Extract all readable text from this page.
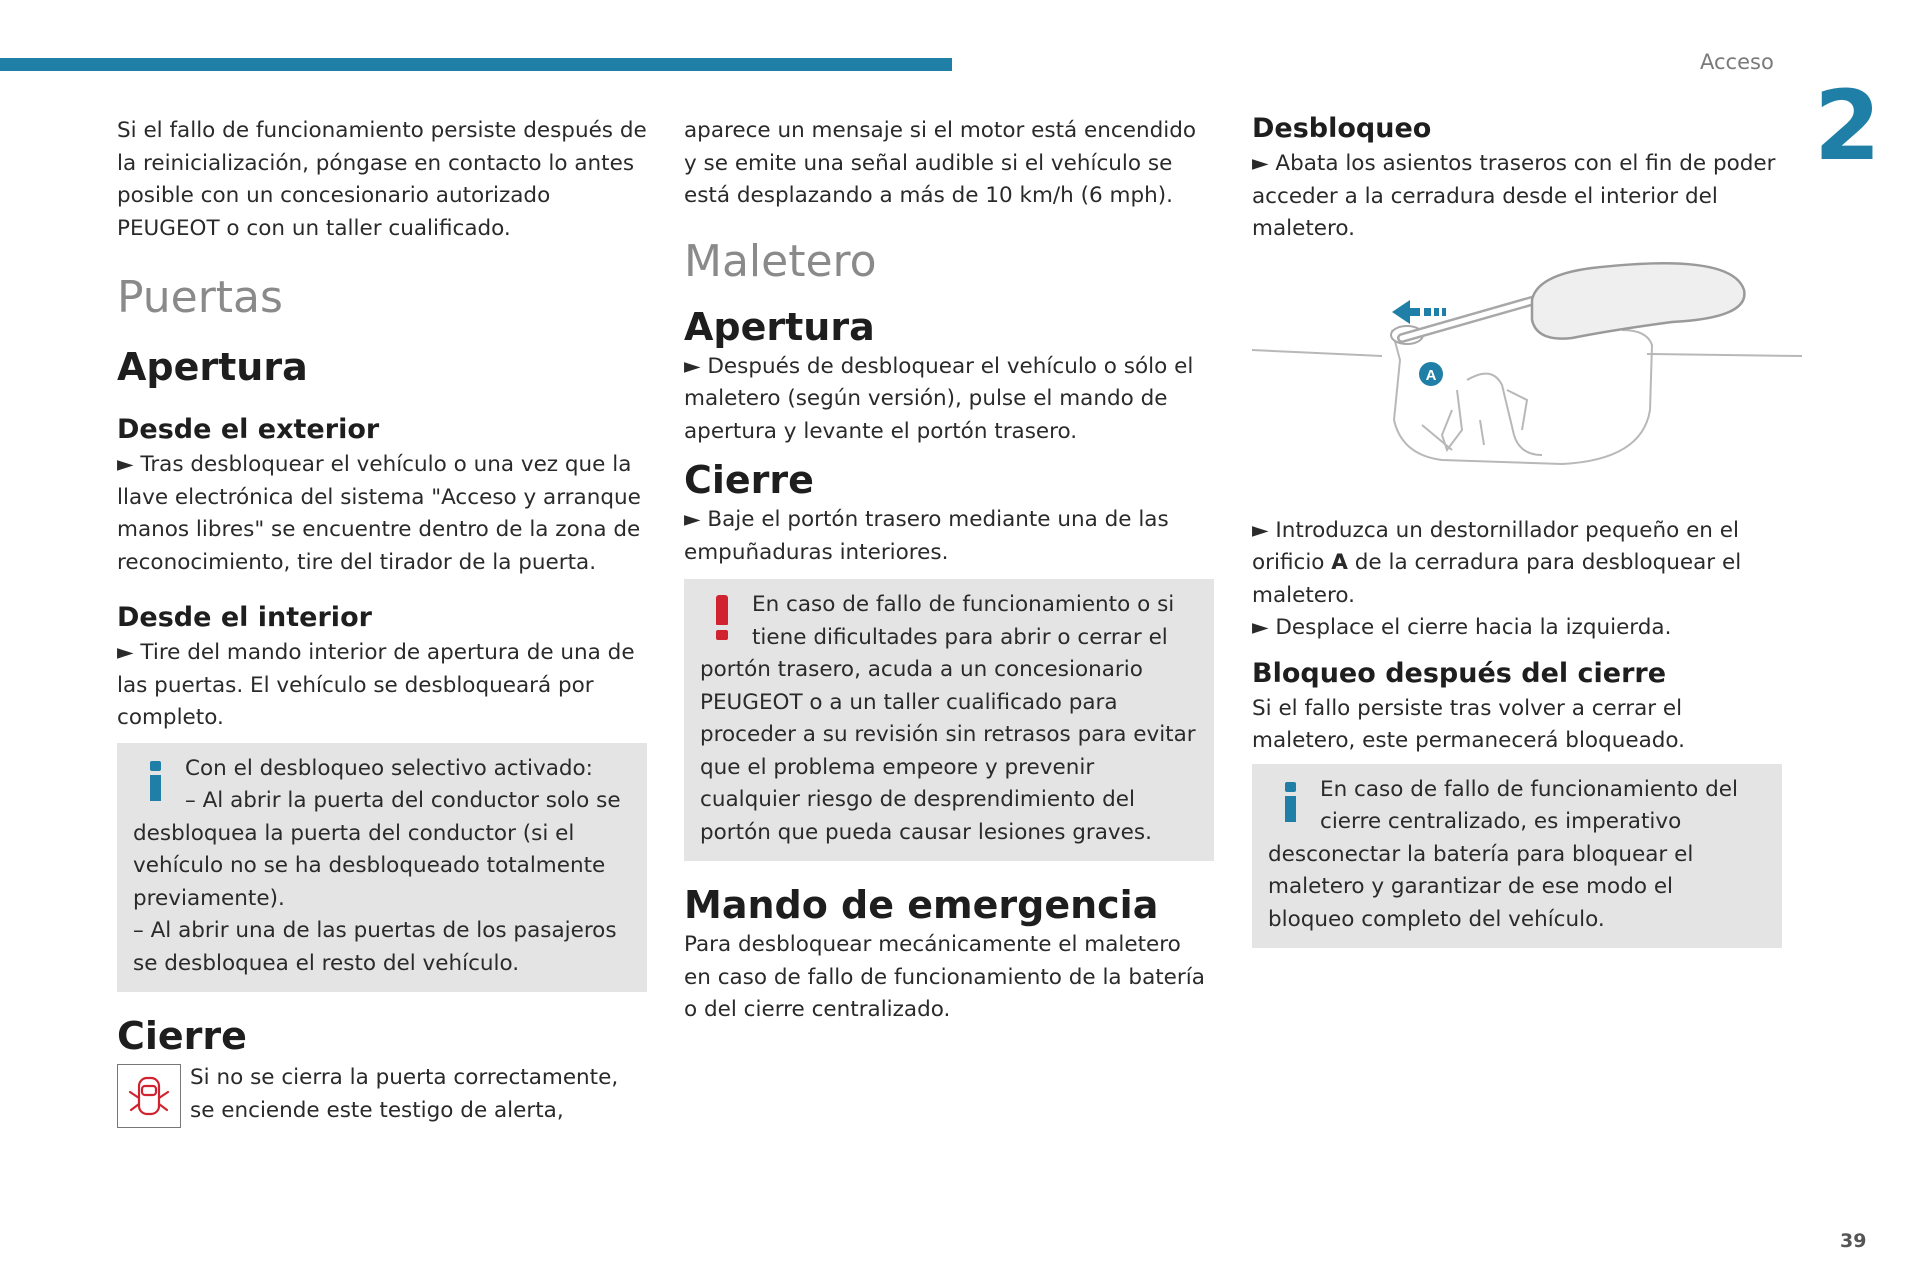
Acceso
2
39

Si el fallo de funcionamiento persiste después de la reinicialización, póngase en contacto lo antes posible con un concesionario autorizado PEUGEOT o con un taller cualificado.

Puertas
Apertura
Desde el exterior

► Tras desbloquear el vehículo o una vez que la llave electrónica del sistema "Acceso y arranque manos libres" se encuentre dentro de la zona de reconocimiento, tire del tirador de la puerta.

Desde el interior

► Tire del mando interior de apertura de una de las puertas. El vehículo se desbloqueará por completo.

Con el desbloqueo selectivo activado:

– Al abrir la puerta del conductor solo se desbloquea la puerta del conductor (si el vehículo no se ha desbloqueado totalmente previamente).

– Al abrir una de las puertas de los pasajeros se desbloquea el resto del vehículo.

Cierre

Si no se cierra la puerta correctamente, se enciende este testigo de alerta,

aparece un mensaje si el motor está encendido y se emite una señal audible si el vehículo se está desplazando a más de 10 km/h (6 mph).

Maletero
Apertura

► Después de desbloquear el vehículo o sólo el maletero (según versión), pulse el mando de apertura y levante el portón trasero.

Cierre

► Baje el portón trasero mediante una de las empuñaduras interiores.

En caso de fallo de funcionamiento o si tiene dificultades para abrir o cerrar el portón trasero, acuda a un concesionario PEUGEOT o a un taller cualificado para proceder a su revisión sin retrasos para evitar que el problema empeore y prevenir cualquier riesgo de desprendimiento del portón que pueda causar lesiones graves.

Mando de emergencia

Para desbloquear mecánicamente el maletero en caso de fallo de funcionamiento de la batería o del cierre centralizado.

Desbloqueo

► Abata los asientos traseros con el fin de poder acceder a la cerradura desde el interior del maletero.

A

► Introduzca un destornillador pequeño en el orificio A de la cerradura para desbloquear el maletero.

► Desplace el cierre hacia la izquierda.

Bloqueo después del cierre

Si el fallo persiste tras volver a cerrar el maletero, este permanecerá bloqueado.

En caso de fallo de funcionamiento del cierre centralizado, es imperativo desconectar la batería para bloquear el maletero y garantizar de ese modo el bloqueo completo del vehículo.
